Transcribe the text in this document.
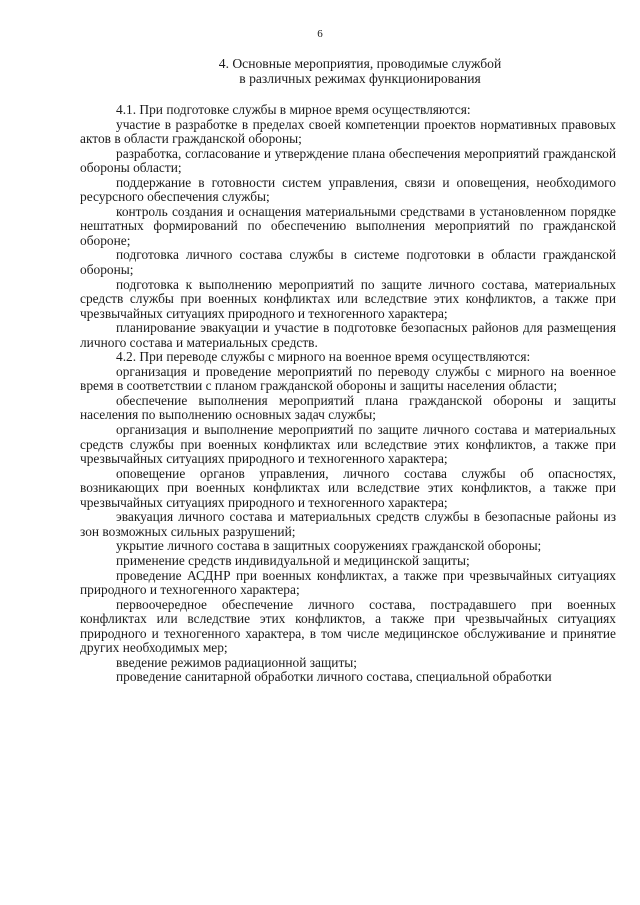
6
4. Основные мероприятия, проводимые службой
в различных режимах функционирования

4.1. При подготовке службы в мирное время осуществляются:

участие в разработке в пределах своей компетенции проектов нормативных правовых актов в области гражданской обороны;

разработка, согласование и утверждение плана обеспечения мероприятий гражданской обороны области;

поддержание в готовности систем управления, связи и оповещения, необходимого ресурсного обеспечения службы;

контроль создания и оснащения материальными средствами в установленном порядке нештатных формирований по обеспечению выполнения мероприятий по гражданской обороне;

подготовка личного состава службы в системе подготовки в области гражданской обороны;

подготовка к выполнению мероприятий по защите личного состава, материальных средств службы при военных конфликтах или вследствие этих конфликтов, а также при чрезвычайных ситуациях природного и техногенного характера;

планирование эвакуации и участие в подготовке безопасных районов для размещения личного состава и материальных средств.

4.2. При переводе службы с мирного на военное время осуществляются:

организация и проведение мероприятий по переводу службы с мирного на военное время в соответствии с планом гражданской обороны и защиты населения области;

обеспечение выполнения мероприятий плана гражданской обороны и защиты населения по выполнению основных задач службы;

организация и выполнение мероприятий по защите личного состава и материальных средств службы при военных конфликтах или вследствие этих конфликтов, а также при чрезвычайных ситуациях природного и техногенного характера;

оповещение органов управления, личного состава службы об опасностях, возникающих при военных конфликтах или вследствие этих конфликтов, а также при чрезвычайных ситуациях природного и техногенного характера;

эвакуация личного состава и материальных средств службы в безопасные районы из зон возможных сильных разрушений;

укрытие личного состава в защитных сооружениях гражданской обороны;

применение средств индивидуальной и медицинской защиты;

проведение АСДНР при военных конфликтах, а также при чрезвычайных ситуациях природного и техногенного характера;

первоочередное обеспечение личного состава, пострадавшего при военных конфликтах или вследствие этих конфликтов, а также при чрезвычайных ситуациях природного и техногенного характера, в том числе медицинское обслуживание и принятие других необходимых мер;

введение режимов радиационной защиты;

проведение санитарной обработки личного состава, специальной обработки
